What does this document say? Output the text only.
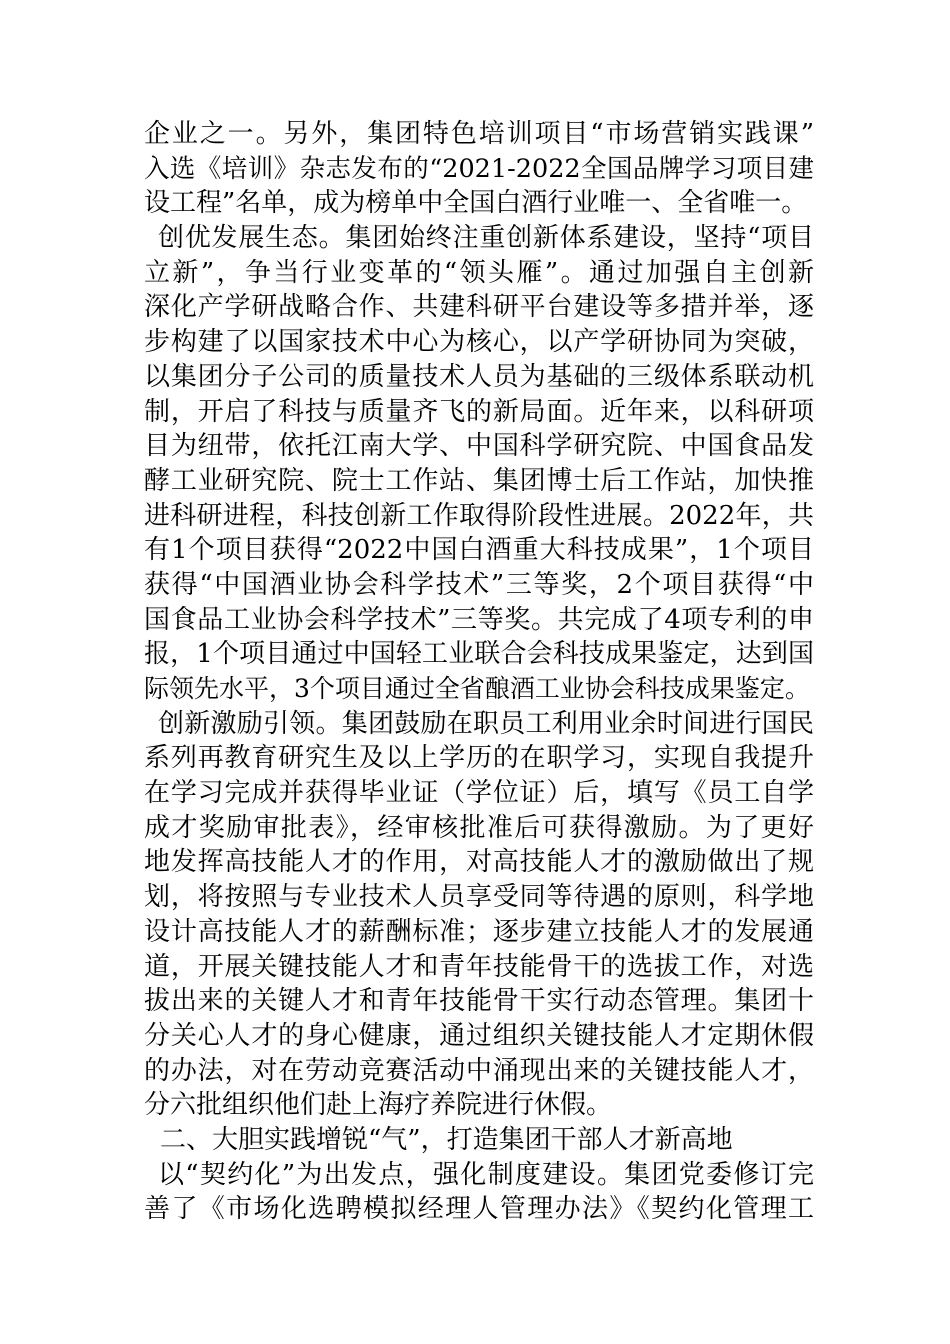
企业之一。另外，集团特色培训项目“市场营销实践课”
入选《培训》杂志发布的“2021-2022全国品牌学习项目建
设工程”名单，成为榜单中全国白酒行业唯一、全省唯一。
创优发展生态。集团始终注重创新体系建设，坚持“项目
立新”，争当行业变革的“领头雁”。通过加强自主创新
深化产学研战略合作、共建科研平台建设等多措并举，逐
步构建了以国家技术中心为核心，以产学研协同为突破，
以集团分子公司的质量技术人员为基础的三级体系联动机
制，开启了科技与质量齐飞的新局面。近年来，以科研项
目为纽带，依托江南大学、中国科学研究院、中国食品发
酵工业研究院、院士工作站、集团博士后工作站，加快推
进科研进程，科技创新工作取得阶段性进展。2022年，共
有1个项目获得“2022中国白酒重大科技成果”，1个项目
获得“中国酒业协会科学技术”三等奖，2个项目获得“中
国食品工业协会科学技术”三等奖。共完成了4项专利的申
报，1个项目通过中国轻工业联合会科技成果鉴定，达到国
际领先水平，3个项目通过全省酿酒工业协会科技成果鉴定。
创新激励引领。集团鼓励在职员工利用业余时间进行国民
系列再教育研究生及以上学历的在职学习，实现自我提升
在学习完成并获得毕业证（学位证）后，填写《员工自学
成才奖励审批表》，经审核批准后可获得激励。为了更好
地发挥高技能人才的作用，对高技能人才的激励做出了规
划，将按照与专业技术人员享受同等待遇的原则，科学地
设计高技能人才的薪酬标准；逐步建立技能人才的发展通
道，开展关键技能人才和青年技能骨干的选拔工作，对选
拔出来的关键人才和青年技能骨干实行动态管理。集团十
分关心人才的身心健康，通过组织关键技能人才定期休假
的办法，对在劳动竞赛活动中涌现出来的关键技能人才，
分六批组织他们赴上海疗养院进行休假。
二、大胆实践增锐“气”，打造集团干部人才新高地
以“契约化”为出发点，强化制度建设。集团党委修订完
善了《市场化选聘模拟经理人管理办法》《契约化管理工
